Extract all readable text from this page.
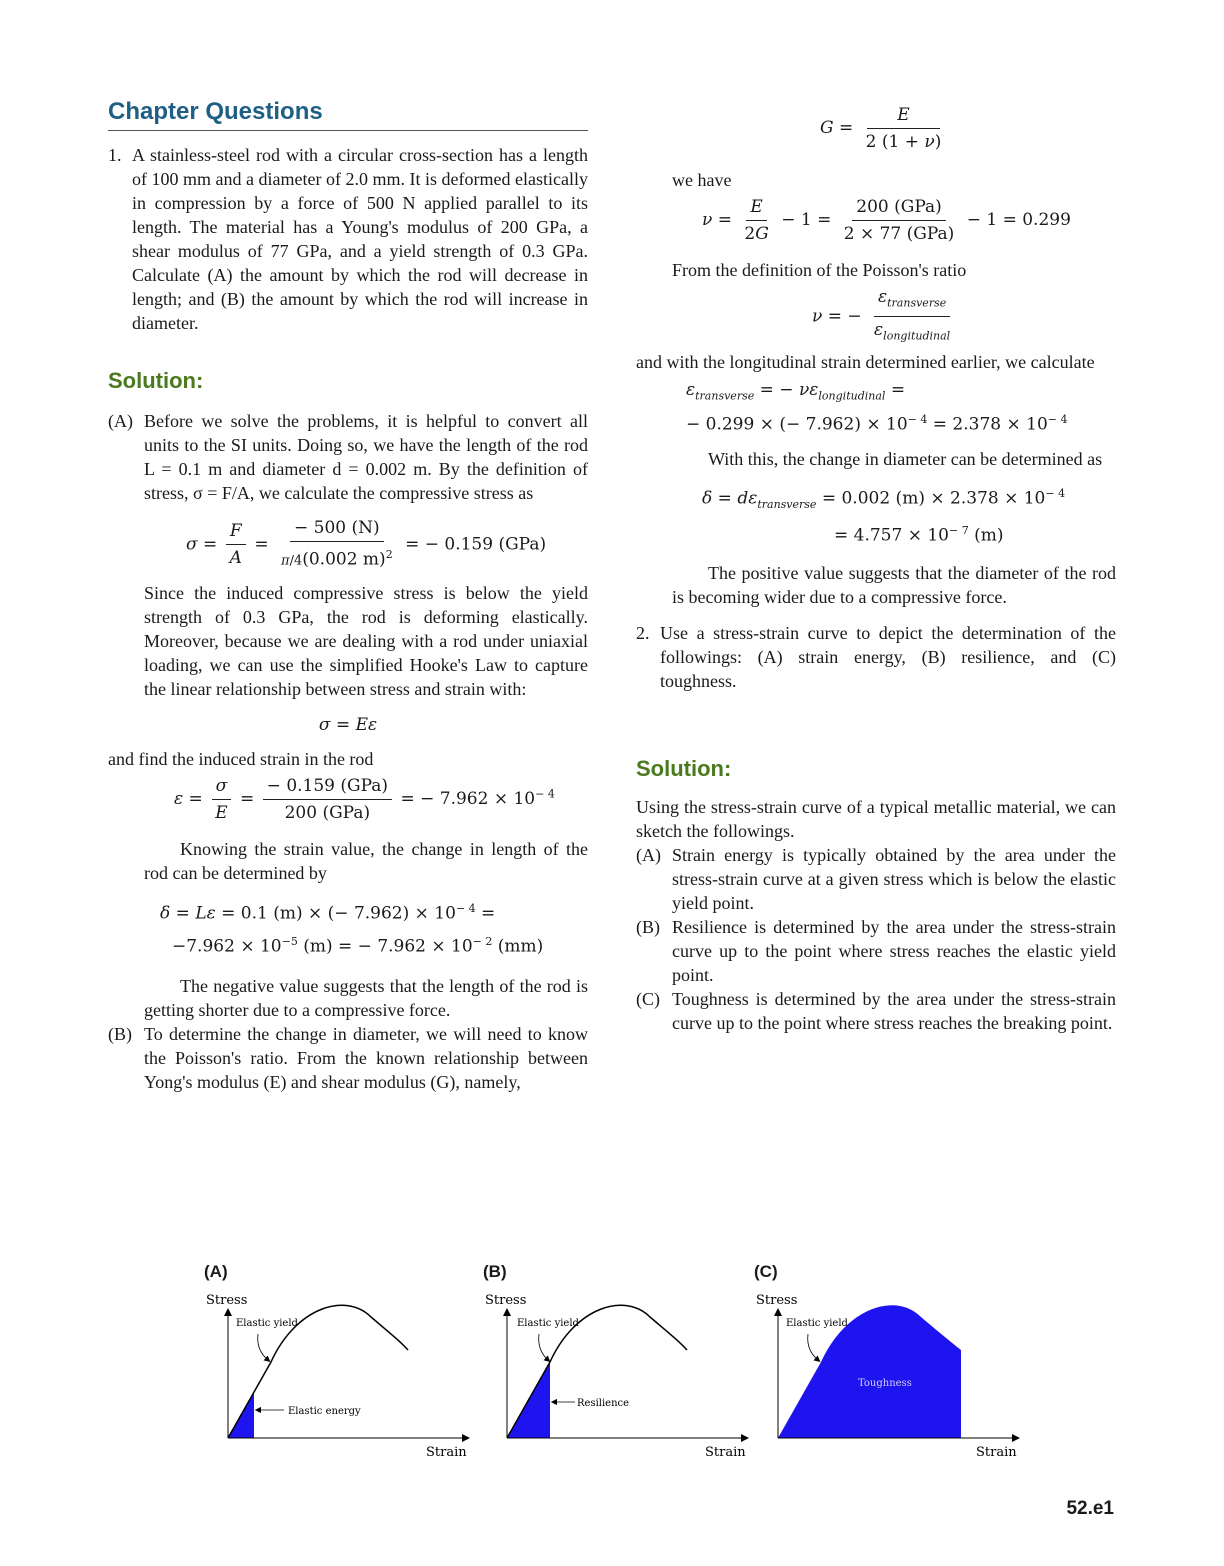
Chapter Questions
1. A stainless-steel rod with a circular cross-section has a length of 100 mm and a diameter of 2.0 mm. It is deformed elastically in compression by a force of 500 N applied parallel to its length. The material has a Young's modulus of 200 GPa, a shear modulus of 77 GPa, and a yield strength of 0.3 GPa. Calculate (A) the amount by which the rod will decrease in length; and (B) the amount by which the rod will increase in diameter.

Solution:
(A) Before we solve the problems, it is helpful to convert all units to the SI units. Doing so, we have the length of the rod L = 0.1 m and diameter d = 0.002 m. By the definition of stress, σ = F/A, we calculate the compressive stress as

$\sigma = \frac{F}{A} = \frac{- 500 (N)}{\pi/4(0.002 m)^2}$ = − 0.159 (GPa)

Since the induced compressive stress is below the yield strength of 0.3 GPa, the rod is deforming elastically. Moreover, because we are dealing with a rod under uniaxial loading, we can use the simplified Hooke's Law to capture the linear relationship between stress and strain with:

σ = Eε

and find the induced strain in the rod

$\varepsilon = \frac{\sigma}{E} = \frac{\text{− 0.159 (GPa)}}{\text{200 (GPa)}}$ = − $7.962 \times 10^{- 4}$

Knowing the strain value, the change in length of the rod can be determined by

δ = Lε = 0.1 (m) × (− $7.962) \times 10^{- 4}$ =
$-7.962 \times 10^{-5}$ (m) = − $7.962 \times 10^{- 2}$ (mm)

The negative value suggests that the length of the rod is getting shorter due to a compressive force.

(B) To determine the change in diameter, we will need to know the Poisson's ratio. From the known relationship between Yong's modulus (E) and shear modulus (G), namely,

$G = \frac{E}{2 (1 + \nu)}$

we have

$\nu = \frac{E}{2G} - 1 = \frac{\text{200 (GPa)}}{\text{2 × 77 (GPa)}} - 1 = 0.299$

From the definition of the Poisson's ratio

ν = − $\frac{\varepsilon_{transverse}}{\varepsilon_{longitudinal}}$

and with the longitudinal strain determined earlier, we calculate

$\varepsilon_{transverse}$ = − $\nu\varepsilon_{longitudinal}$ =
− 0.299 × (− $7.962) \times 10^{- 4} = 2.378 \times 10^{- 4}$

With this, the change in diameter can be determined as

$\delta = d\varepsilon_{transverse} = 0.002$ $(m) \times 2.378 \times 10^{- 4}$
= $4.757 \times 10^{- 7}$ (m)

The positive value suggests that the diameter of the rod is becoming wider due to a compressive force.

2. Use a stress-strain curve to depict the determination of the followings: (A) strain energy, (B) resilience, and (C) toughness.

Solution:

Using the stress-strain curve of a typical metallic material, we can sketch the followings.

(A) Strain energy is typically obtained by the area under the stress-strain curve at a given stress which is below the elastic yield point.

(B) Resilience is determined by the area under the stress-strain curve up to the point where stress reaches the elastic yield point.

(C) Toughness is determined by the area under the stress-strain curve up to the point where stress reaches the breaking point.

(A)
Stress
Strain
Elastic yield
Elastic energy
(B)
Stress
Strain
Elastic yield
Resilience
(C)
Stress
Strain
Elastic yield
Toughness
52.e1
